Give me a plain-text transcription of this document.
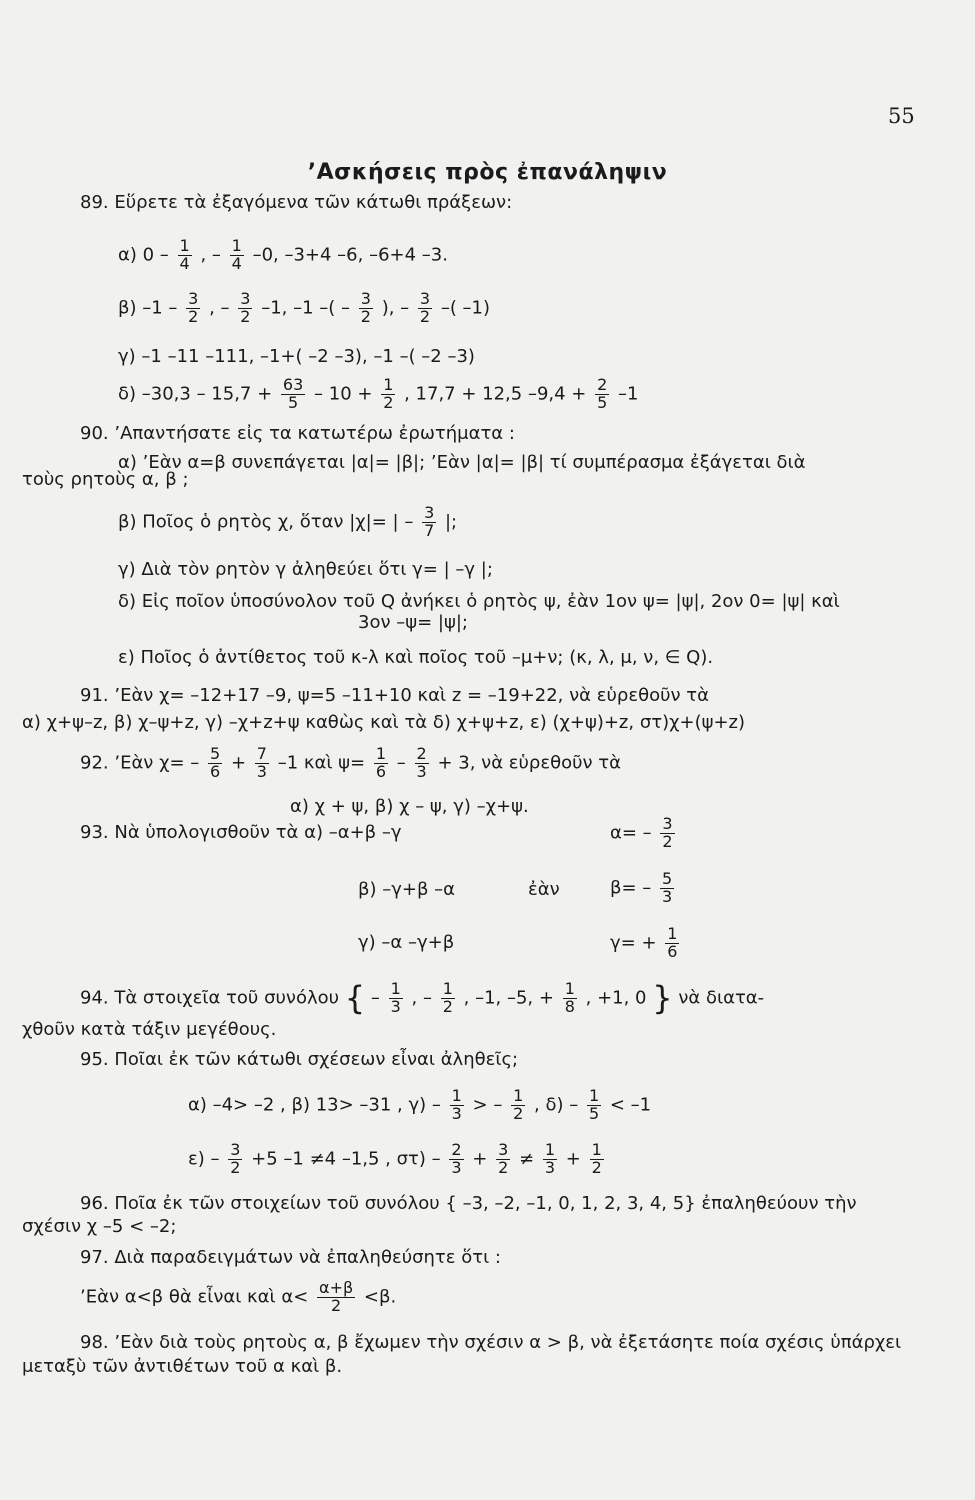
55
’Ασκήσεις πρὸς ἐπανάληψιν
89. Εὕρετε τὰ ἐξαγόμενα τῶν κάτωθι πράξεων:
α) $0 - \frac{1}{4}$ , – $\frac{1}{4} -0$, –3+4 –6, –6+4 –3.
β) $-1 - \frac{3}{2}$ , – $\frac{3}{2} -1$, –1 –( – $\frac{3}{2}$ ), – $\frac{3}{2}$ –( –1)
γ) –1 –11 –111, –1+( –2 –3), –1 –( –2 –3)
δ) $-30,3 - 15,7 + \frac{63}{5} - 10 + \frac{1}{2}$ , 17,7 + 12,5 $-9,4 + \frac{2}{5} -1$
90. ’Απαντήσατε εἰς τα κατωτέρω ἐρωτήματα :
α) ’Εὰν α=β συνεπάγεται |α|= |β|; ’Εὰν |α|= |β| τί συμπέρασμα ἐξάγεται διὰ
τοὺς ρητοὺς α, β ;
β) Ποῖος ὁ ρητὸς χ, ὅταν |χ|= | – $\frac{3}{7}$ |;
γ) Διὰ τὸν ρητὸν γ ἀληθεύει ὅτι γ= | –γ |;
δ) Εἰς ποῖον ὑποσύνολον τοῦ Q ἀνήκει ὁ ρητὸς ψ, ἐὰν 1ον ψ= |ψ|, 2ον 0= |ψ| καὶ
3ον –ψ= |ψ|;
ε) Ποῖος ὁ ἀντίθετος τοῦ κ-λ καὶ ποῖος τοῦ –μ+ν; (κ, λ, μ, ν, ∈ Q).
91. ’Εὰν χ= –12+17 –9, ψ=5 –11+10 καὶ z = –19+22, νὰ εὑρεθοῦν τὰ
α) χ+ψ–z, β) χ–ψ+z, γ) –χ+z+ψ καθὼς καὶ τὰ δ) χ+ψ+z, ε) (χ+ψ)+z, στ)χ+(ψ+z)
92. ’Εὰν $\chi= - \frac{5}{6} + \frac{7}{3} -1$ καὶ $\psi= \frac{1}{6} - \frac{2}{3} + 3$, νὰ εὑρεθοῦν τὰ
α) χ + ψ, β) χ – ψ, γ) –χ+ψ.
93. Νὰ ὑπολογισθοῦν τὰ α) –α+β –γ	$\alpha= - \frac{3}{2}$
β) –γ+β –α	ἐὰν	$\beta= - \frac{5}{3}$
γ) –α –γ+β	$\gamma= + \frac{1}{6}$
94. Τὰ στοιχεῖα τοῦ συνόλου { – $\frac{1}{3}$ , – $\frac{1}{2}$ , –1, –5, + $\frac{1}{8}$ , +1, 0 } νὰ διατα-
χθοῦν κατὰ τάξιν μεγέθους.
95. Ποῖαι ἐκ τῶν κάτωθι σχέσεων εἶναι ἀληθεῖς;
α) –4> –2 , β) 13> –31 , $\gamma) - \frac{1}{3}$ > – $\frac{1}{2}$ , $\delta) - \frac{1}{5} < -1$
$\varepsilon) - \frac{3}{2} +5$ –1 ≠4 –1,5 , $\sigma\tau) - \frac{2}{3} + \frac{3}{2} \ne \frac{1}{3} + \frac{1}{2}$
96. Ποῖα ἐκ τῶν στοιχείων τοῦ συνόλου { –3, –2, –1, 0, 1, 2, 3, 4, 5} ἐπαληθεύουν τὴν
σχέσιν χ –5 < –2;
97. Διὰ παραδειγμάτων νὰ ἐπαληθεύσητε ὅτι :
’Εὰν α<β θὰ εἶναι καὶ $\alpha< \frac{\alpha+\beta}{2} <\beta$.
98. ’Εὰν διὰ τοὺς ρητοὺς α, β ἔχωμεν τὴν σχέσιν α > β, νὰ ἐξετάσητε ποία σχέσις ὑπάρχει
μεταξὺ τῶν ἀντιθέτων τοῦ α καὶ β.
